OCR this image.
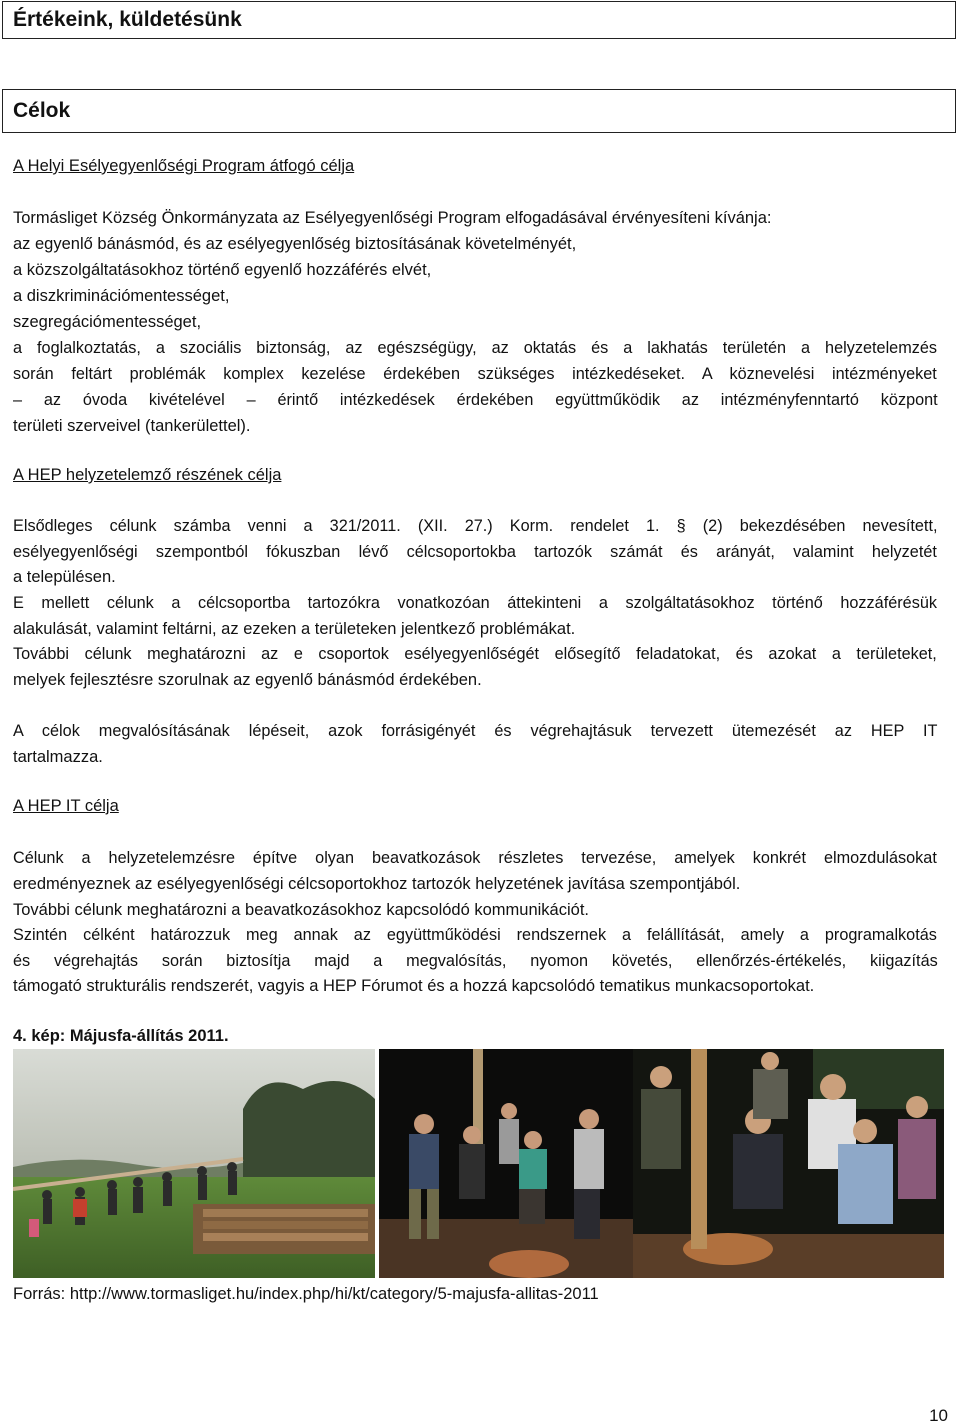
Értékeink, küldetésünk
Célok
A Helyi Esélyegyenlőségi Program átfogó célja
Tormásliget Község Önkormányzata az Esélyegyenlőségi Program elfogadásával érvényesíteni kívánja:
az egyenlő bánásmód, és az esélyegyenlőség biztosításának követelményét,
a közszolgáltatásokhoz történő egyenlő hozzáférés elvét,
a diszkriminációmentességet,
szegregációmentességet,
a foglalkoztatás, a szociális biztonság, az egészségügy, az oktatás és a lakhatás területén a helyzetelemzés
során feltárt problémák komplex kezelése érdekében szükséges intézkedéseket. A köznevelési intézményeket
– az óvoda kivételével – érintő intézkedések érdekében együttműködik az intézményfenntartó központ
területi szerveivel (tankerülettel).
A HEP helyzetelemző részének célja
Elsődleges célunk számba venni a 321/2011. (XII. 27.) Korm. rendelet 1. § (2) bekezdésében nevesített,
esélyegyenlőségi szempontból fókuszban lévő célcsoportokba tartozók számát és arányát, valamint helyzetét
a településen.
E mellett célunk a célcsoportba tartozókra vonatkozóan áttekinteni a szolgáltatásokhoz történő hozzáférésük
alakulását, valamint feltárni, az ezeken a területeken jelentkező problémákat.
További célunk meghatározni az e csoportok esélyegyenlőségét elősegítő feladatokat, és azokat a területeket,
melyek fejlesztésre szorulnak az egyenlő bánásmód érdekében.
A célok megvalósításának lépéseit, azok forrásigényét és végrehajtásuk tervezett ütemezését az HEP IT
tartalmazza.
A HEP IT célja
Célunk a helyzetelemzésre építve olyan beavatkozások részletes tervezése, amelyek konkrét elmozdulásokat
eredményeznek az esélyegyenlőségi célcsoportokhoz tartozók helyzetének javítása szempontjából.
További célunk meghatározni a beavatkozásokhoz kapcsolódó kommunikációt.
Szintén célként határozzuk meg annak az együttműködési rendszernek a felállítását, amely a programalkotás
és végrehajtás során biztosítja majd a megvalósítás, nyomon követés, ellenőrzés-értékelés, kiigazítás
támogató strukturális rendszerét, vagyis a HEP Fórumot és a hozzá kapcsolódó tematikus munkacsoportokat.
4. kép: Májusfa-állítás 2011.
Forrás: http://www.tormasliget.hu/index.php/hi/kt/category/5-majusfa-allitas-2011
10
